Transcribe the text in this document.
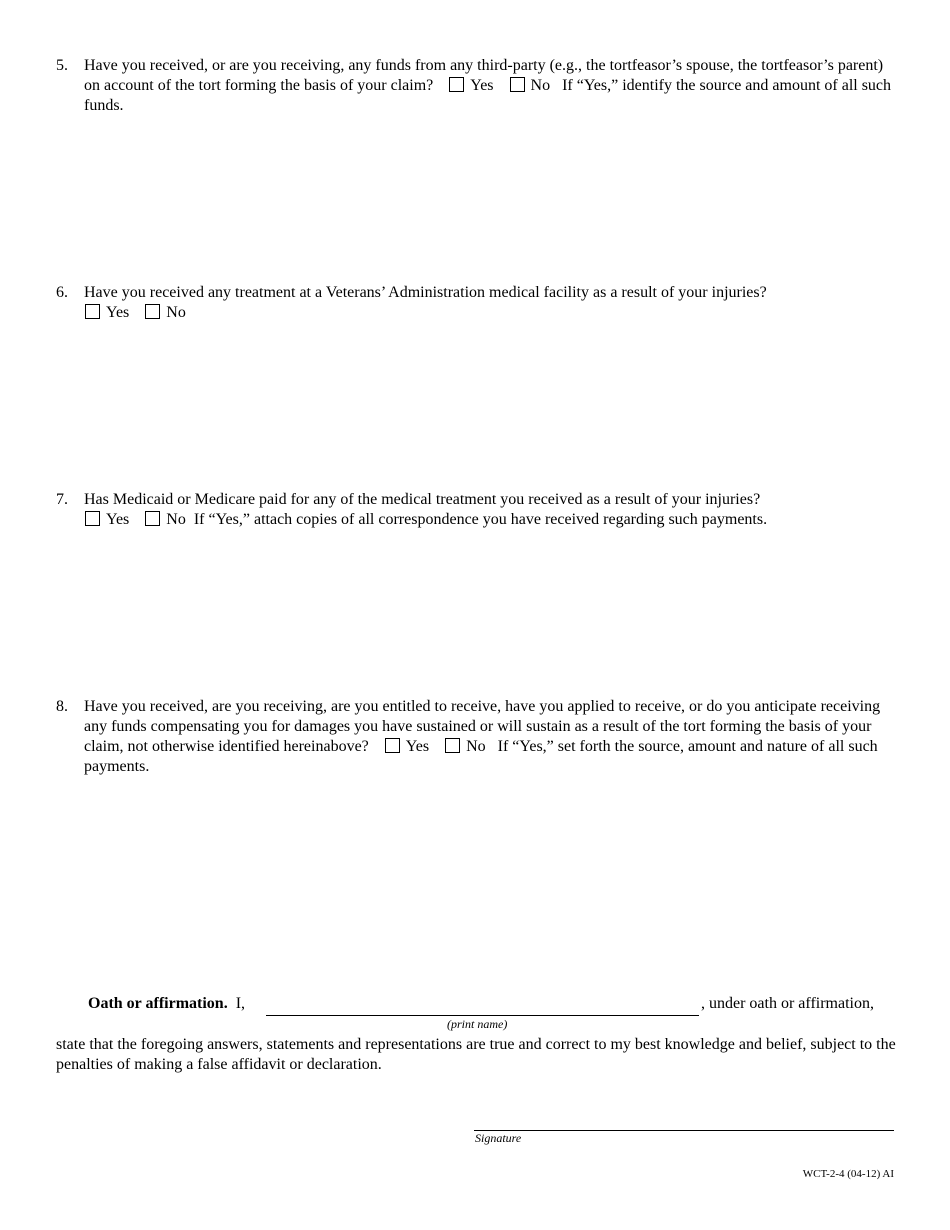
5. Have you received, or are you receiving, any funds from any third-party (e.g., the tortfeasor’s spouse, the tortfeasor’s parent) on account of the tort forming the basis of your claim? Yes No If “Yes,” identify the source and amount of all such funds.
6. Have you received any treatment at a Veterans’ Administration medical facility as a result of your injuries?
Yes No
7. Has Medicaid or Medicare paid for any of the medical treatment you received as a result of your injuries?
Yes No If “Yes,” attach copies of all correspondence you have received regarding such payments.
8. Have you received, are you receiving, are you entitled to receive, have you applied to receive, or do you anticipate receiving any funds compensating you for damages you have sustained or will sustain as a result of the tort forming the basis of your claim, not otherwise identified hereinabove? Yes No If “Yes,” set forth the source, amount and nature of all such payments.
Oath or affirmation. I,	, under oath or affirmation,
(print name)
state that the foregoing answers, statements and representations are true and correct to my best knowledge and belief, subject to the penalties of making a false affidavit or declaration.
Signature
WCT-2-4 (04-12) AI
